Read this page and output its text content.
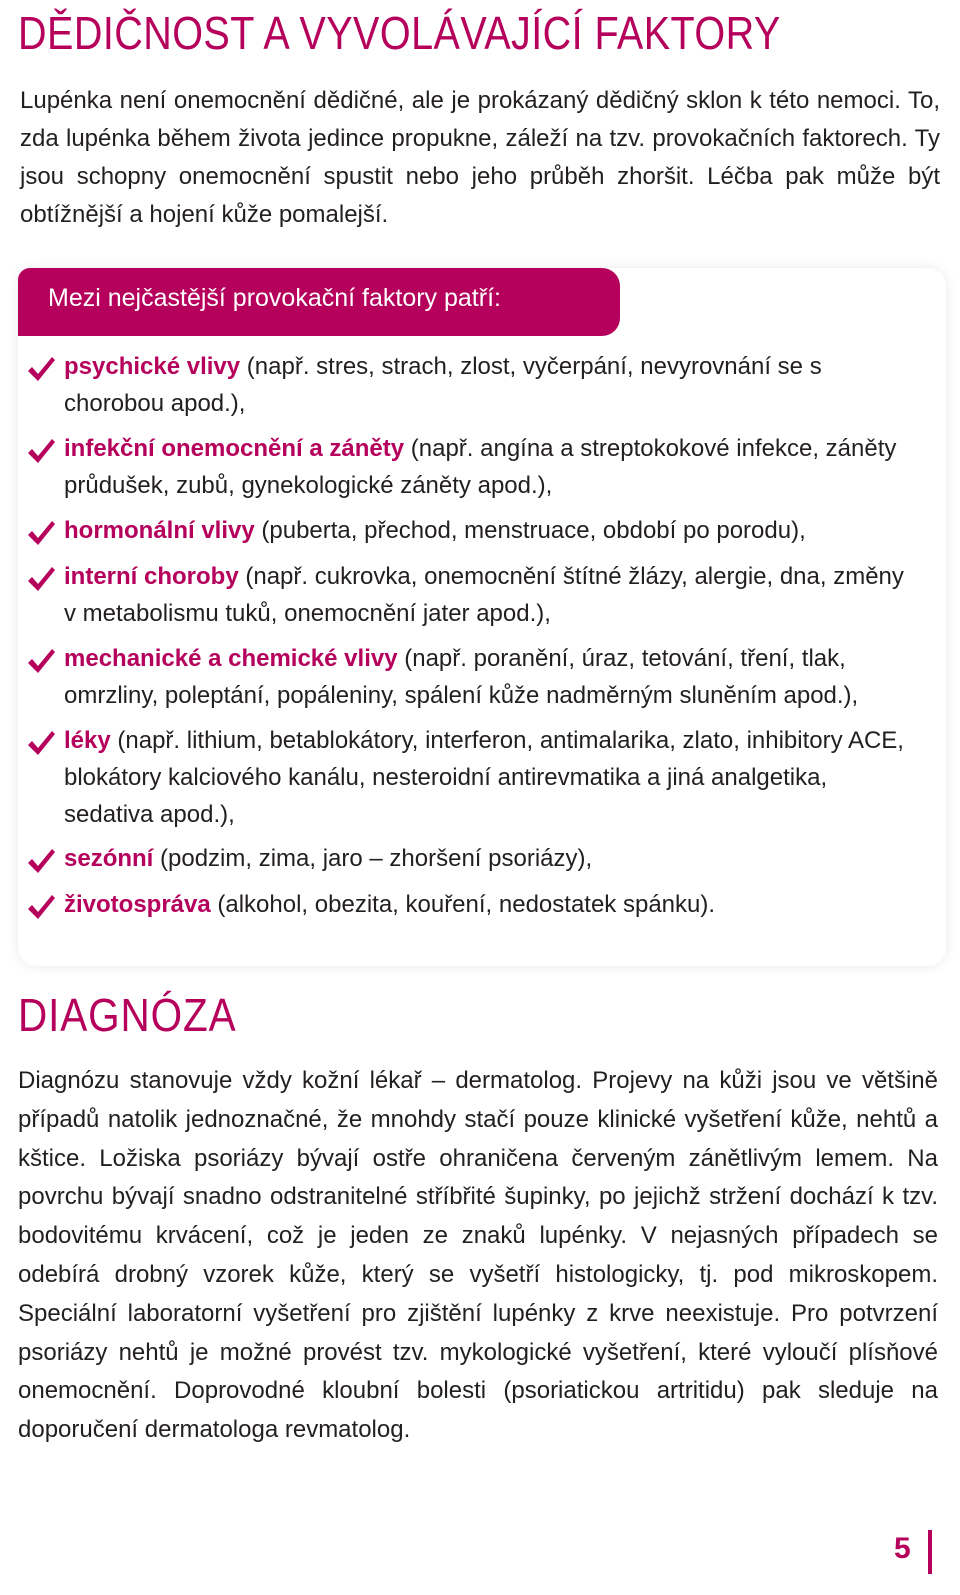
DĚDIČNOST A VYVOLÁVAJÍCÍ FAKTORY

Lupénka není onemocnění dědičné, ale je prokázaný dědičný sklon k této nemoci. To, zda lupénka během života jedince propukne, záleží na tzv. provokačních faktorech. Ty jsou schopny onemocnění spustit nebo jeho průběh zhoršit. Léčba pak může být obtížnější a hojení kůže pomalejší.

Mezi nejčastější provokační faktory patří:
psychické vlivy (např. stres, strach, zlost, vyčerpání, nevyrovnání se s chorobou apod.),
infekční onemocnění a záněty (např. angína a streptokokové infekce, záněty průdušek, zubů, gynekologické záněty apod.),
hormonální vlivy (puberta, přechod, menstruace, období po porodu),
interní choroby (např. cukrovka, onemocnění štítné žlázy, alergie, dna, změny v metabolismu tuků, onemocnění jater apod.),
mechanické a chemické vlivy (např. poranění, úraz, tetování, tření, tlak, omrzliny, poleptání, popáleniny, spálení kůže nadměrným slunĕním apod.),
léky (např. lithium, betablokátory, interferon, antimalarika, zlato, inhibitory ACE, blokátory kalciového kanálu, nesteroidní antirevmatika a jiná analgetika, sedativa apod.),
sezónní (podzim, zima, jaro – zhoršení psoriázy),
životospráva (alkohol, obezita, kouření, nedostatek spánku).
DIAGNÓZA

Diagnózu stanovuje vždy kožní lékař – dermatolog. Projevy na kůži jsou ve většině případů natolik jednoznačné, že mnohdy stačí pouze klinické vyšetření kůže, nehtů a kštice. Ložiska psoriázy bývají ostře ohraničena červeným zánětlivým lemem. Na povrchu bývají snadno odstranitelné stříbřité šupinky, po jejichž stržení dochází k tzv. bodovitému krvácení, což je jeden ze znaků lupénky. V nejasných případech se odebírá drobný vzorek kůže, který se vyšetří histologicky, tj. pod mikroskopem. Speciální laboratorní vyšetření pro zjištění lupénky z krve neexistuje. Pro potvrzení psoriázy nehtů je možné provést tzv. mykologické vyšetření, které vyloučí plísňové onemocnění. Doprovodné kloubní bolesti (psoriatickou artritidu) pak sleduje na doporučení dermatologa revmatolog.

5
